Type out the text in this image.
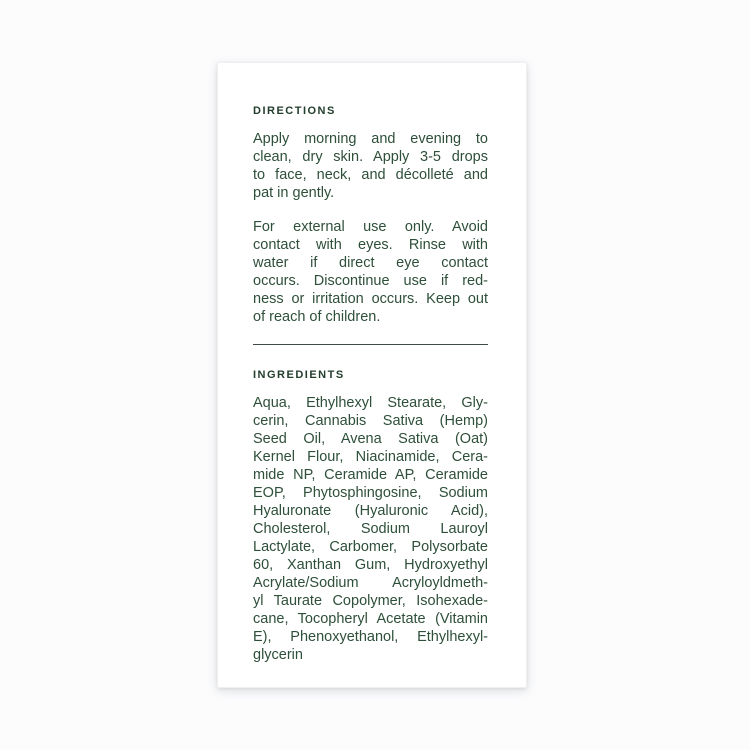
DIRECTIONS
Apply morning and evening to
clean, dry skin. Apply 3-5 drops
to face, neck, and décolleté and
pat in gently.
For external use only. Avoid
contact with eyes. Rinse with
water if direct eye contact
occurs. Discontinue use if red-
ness or irritation occurs. Keep out
of reach of children.
INGREDIENTS
Aqua, Ethylhexyl Stearate, Gly-
cerin, Cannabis Sativa (Hemp)
Seed Oil, Avena Sativa (Oat)
Kernel Flour, Niacinamide, Cera-
mide NP, Ceramide AP, Ceramide
EOP, Phytosphingosine, Sodium
Hyaluronate (Hyaluronic Acid),
Cholesterol, Sodium Lauroyl
Lactylate, Carbomer, Polysorbate
60, Xanthan Gum, Hydroxyethyl
Acrylate/Sodium Acryloyldmeth-
yl Taurate Copolymer, Isohexade-
cane, Tocopheryl Acetate (Vitamin
E), Phenoxyethanol, Ethylhexyl-
glycerin
